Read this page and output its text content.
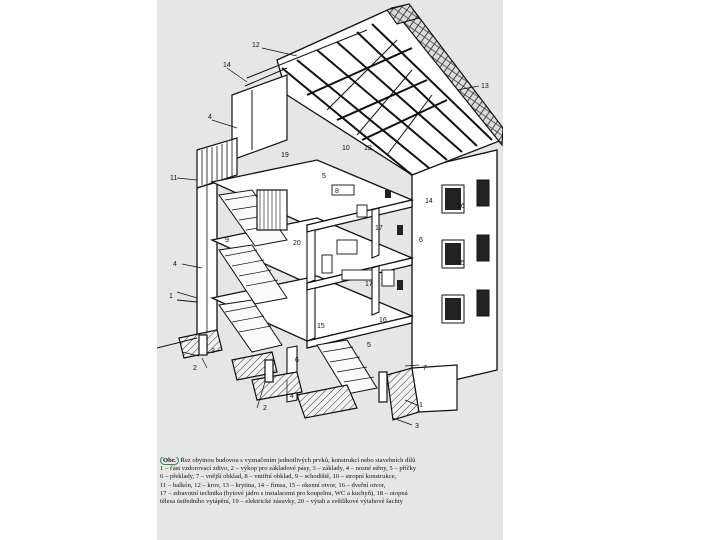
12
14
4
11
13
19
10 12
5
8
14
16
9	20
17
6
15
4
1
17
15
16
5
3
2
6
7
4
2	1
3
Obr. Řez obytnou budovou s vyznačením jednotlivých prvků, konstrukcí nebo stavebních dílů
1 – část vzdorovací zdivo, 2 – výkop pro základové pásy, 3 – základy, 4 – nosné stěny, 5 – příčky
6 – překlady, 7 – vnější obklad, 8 – vnitřní obklad, 9 – schodiště, 10 – stropní konstrukce,
11 – balkón, 12 – krov, 13 – krytina, 14 – římsa, 15 – okenní otvor, 16 – dveřní otvor,
17 – zdravotní technika (bytové jádro s instalacemi pro koupelnu, WC a kuchyň), 18 – otopná
tělesa ústředního vytápění, 19 – elektrické zásuvky, 20 – výtah a světlíkové výtahové šachty
